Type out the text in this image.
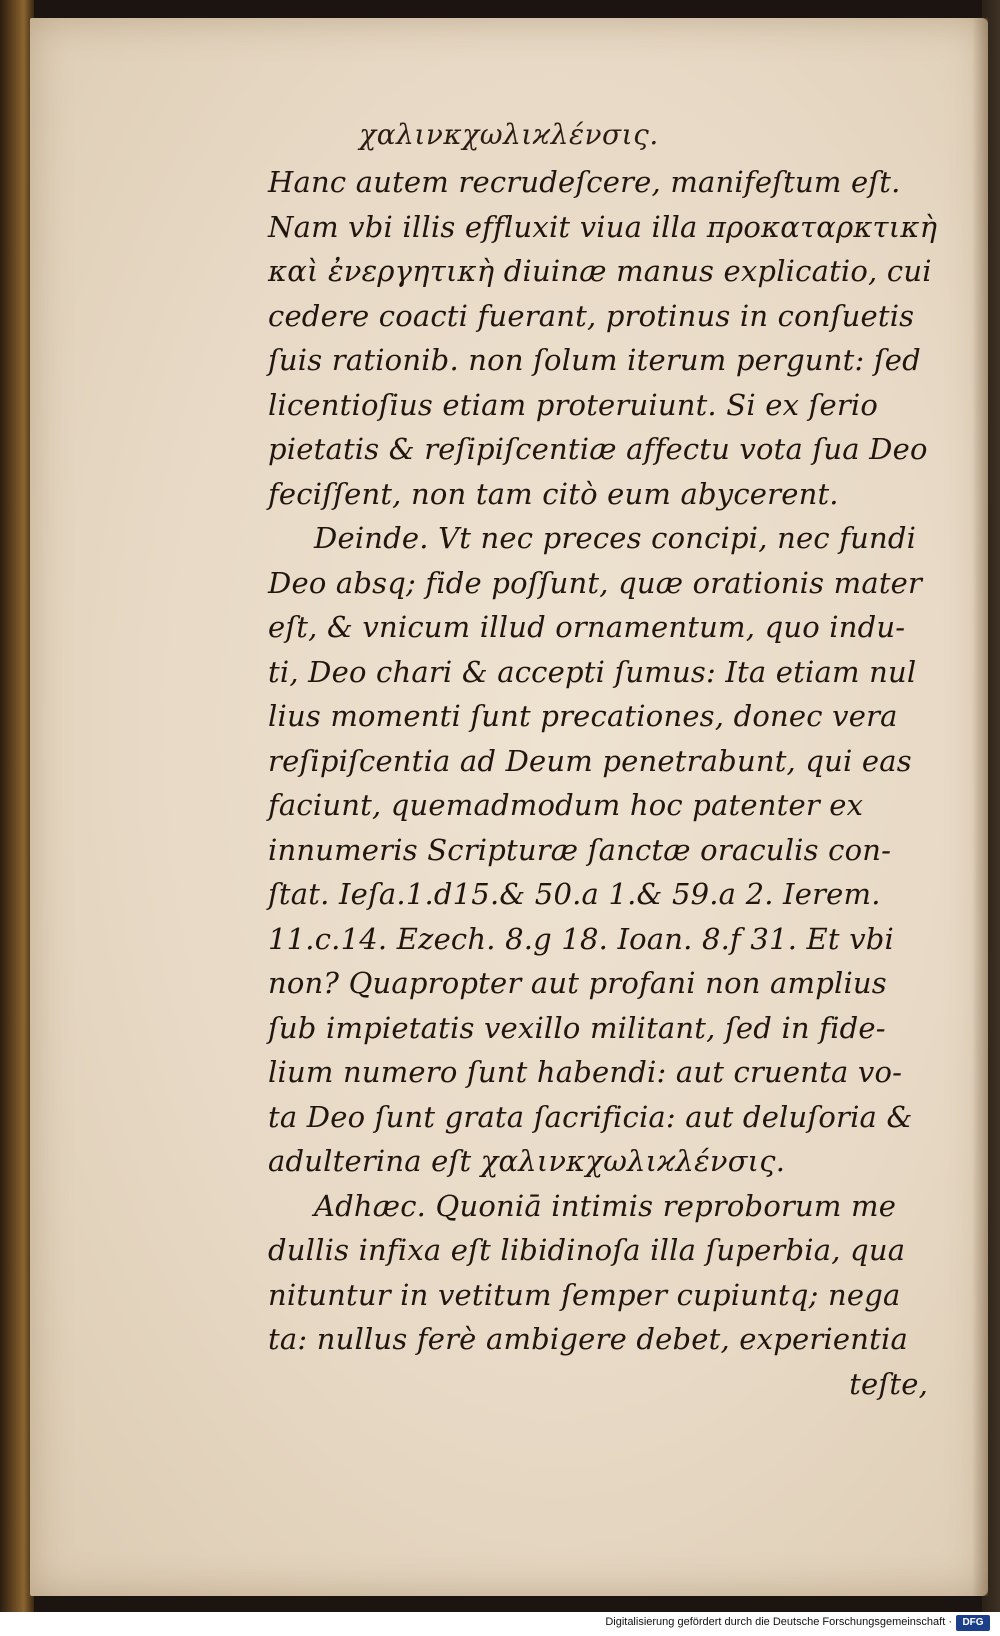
χαλινκχωλιϰλένσις.
Hanc autem recrudeſcere, manifeſtum eſt.
Nam vbi illis effluxit viua illa προκαταρκτικὴ
καὶ ἐνεργητικὴ diuinæ manus explicatio, cui
cedere coacti fuerant, protinus in conſuetis
ſuis rationib. non ſolum iterum pergunt: ſed
licentioſius etiam proteruiunt. Si ex ſerio
pietatis & reſipiſcentiæ affectu vota ſua Deo
feciſſent, non tam citò eum abycerent.
Deinde. Vt nec preces concipi, nec fundi
Deo absq; fide poſſunt, quæ orationis mater
eſt, & vnicum illud ornamentum, quo indu-
ti, Deo chari & accepti ſumus: Ita etiam nul
lius momenti ſunt precationes, donec vera
reſipiſcentia ad Deum penetrabunt, qui eas
faciunt, quemadmodum hoc patenter ex
innumeris Scripturæ ſanctæ oraculis con-
ſtat. Ieſa.1.d15.& 50.a 1.& 59.a 2. Ierem.
11.c.14. Ezech. 8.g 18. Ioan. 8.f 31. Et vbi
non? Quapropter aut profani non amplius
ſub impietatis vexillo militant, ſed in fide-
lium numero ſunt habendi: aut cruenta vo-
ta Deo ſunt grata ſacrificia: aut deluſoria &
adulterina eſt χαλινκχωλιϰλένσις.
Adhæc. Quoniā intimis reproborum me
dullis infixa eſt libidinoſa illa ſuperbia, qua
nituntur in vetitum ſemper cupiuntq; nega
ta: nullus ferè ambigere debet, experientia
teſte,
Digitalisierung gefördert durch die Deutsche Forschungsgemeinschaft ·	DFG
